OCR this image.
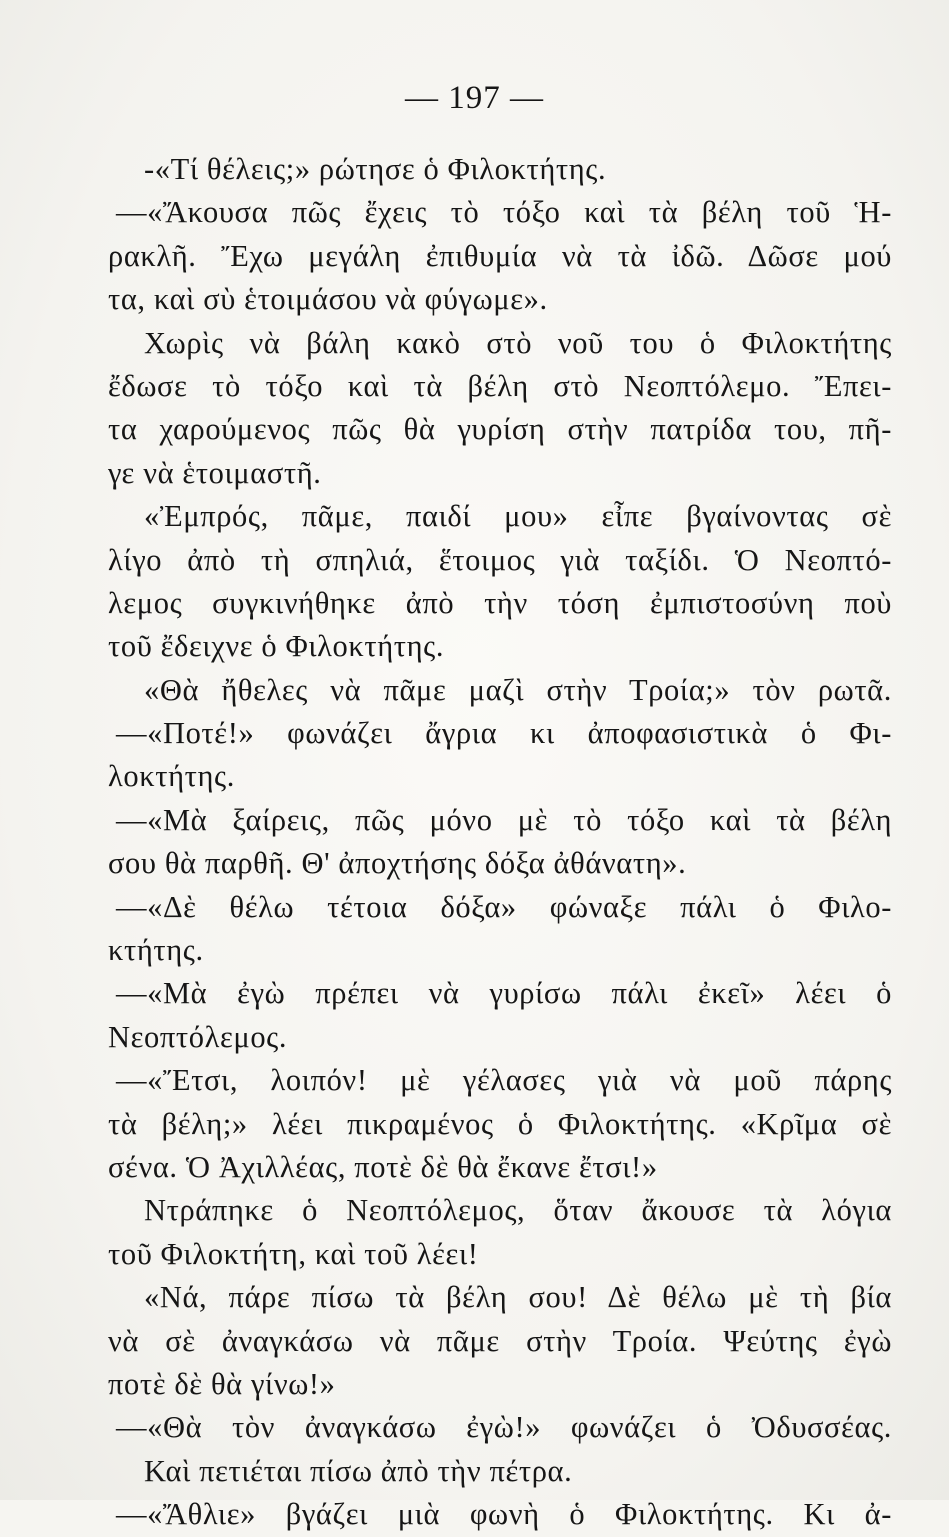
— 197 —
-«Τί θέλεις;» ρώτησε ὁ Φιλοκτήτης.
—«Ἄκουσα πῶς ἔχεις τὸ τόξο καὶ τὰ βέλη τοῦ Ἡ-
ρακλῆ. Ἔχω μεγάλη ἐπιθυμία νὰ τὰ ἰδῶ. Δῶσε μού
τα, καὶ σὺ ἑτοιμάσου νὰ φύγωμε».
Χωρὶς νὰ βάλη κακὸ στὸ νοῦ του ὁ Φιλοκτήτης
ἔδωσε τὸ τόξο καὶ τὰ βέλη στὸ Νεοπτόλεμο. Ἔπει-
τα χαρούμενος πῶς θὰ γυρίση στὴν πατρίδα του, πῆ-
γε νὰ ἑτοιμαστῆ.
«Ἐμπρός, πᾶμε, παιδί μου» εἶπε βγαίνοντας σὲ
λίγο ἀπὸ τὴ σπηλιά, ἕτοιμος γιὰ ταξίδι. Ὁ Νεοπτό-
λεμος συγκινήθηκε ἀπὸ τὴν τόση ἐμπιστοσύνη ποὺ
τοῦ ἔδειχνε ὁ Φιλοκτήτης.
«Θὰ ἤθελες νὰ πᾶμε μαζὶ στὴν Τροία;» τὸν ρωτᾶ.
—«Ποτέ!» φωνάζει ἄγρια κι ἀποφασιστικὰ ὁ Φι-
λοκτήτης.
—«Μὰ ξαίρεις, πῶς μόνο μὲ τὸ τόξο καὶ τὰ βέλη
σου θὰ παρθῆ. Θ' ἀποχτήσης δόξα ἀθάνατη».
—«Δὲ θέλω τέτοια δόξα» φώναξε πάλι ὁ Φιλο-
κτήτης.
—«Μὰ ἐγὼ πρέπει νὰ γυρίσω πάλι ἐκεῖ» λέει ὁ
Νεοπτόλεμος.
—«Ἔτσι, λοιπόν! μὲ γέλασες γιὰ νὰ μοῦ πάρης
τὰ βέλη;» λέει πικραμένος ὁ Φιλοκτήτης. «Κρῖμα σὲ
σένα. Ὁ Ἀχιλλέας, ποτὲ δὲ θὰ ἔκανε ἔτσι!»
Ντράπηκε ὁ Νεοπτόλεμος, ὅταν ἄκουσε τὰ λόγια
τοῦ Φιλοκτήτη, καὶ τοῦ λέει!
«Νά, πάρε πίσω τὰ βέλη σου! Δὲ θέλω μὲ τὴ βία
νὰ σὲ ἀναγκάσω νὰ πᾶμε στὴν Τροία. Ψεύτης ἐγὼ
ποτὲ δὲ θὰ γίνω!»
—«Θὰ τὸν ἀναγκάσω ἐγὼ!» φωνάζει ὁ Ὀδυσσέας.
Καὶ πετιέται πίσω ἀπὸ τὴν πέτρα.
—«Ἄθλιε» βγάζει μιὰ φωνὴ ὁ Φιλοκτήτης. Κι ἀ-
